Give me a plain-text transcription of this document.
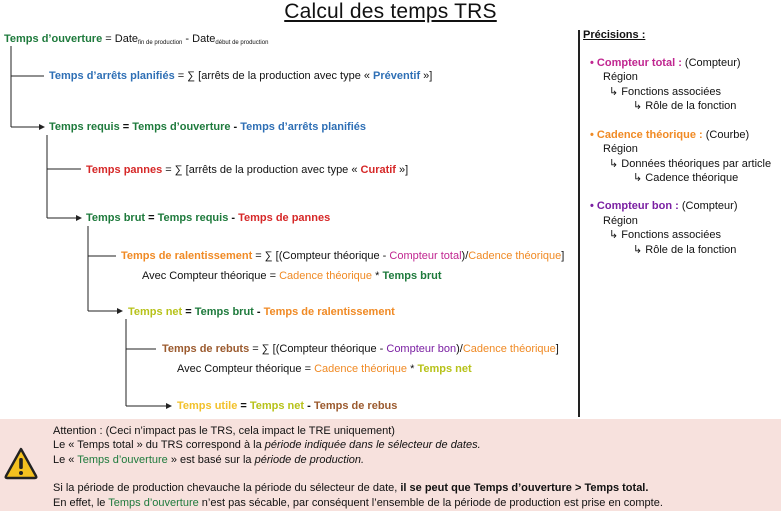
Calcul des temps TRS
Temps d’ouverture = Date$_{fin de production}$ - Date$_{début de production}$
Temps d’arrêts planifiés = ∑ [arrêts de la production avec type « Préventif »]
Temps requis = Temps d’ouverture - Temps d’arrêts planifiés
Temps pannes = ∑ [arrêts de la production avec type « Curatif »]
Temps brut = Temps requis - Temps de pannes
Temps de ralentissement = ∑ [(Compteur théorique - Compteur total)/Cadence théorique]
Avec Compteur théorique = Cadence théorique * Temps brut
Temps net = Temps brut - Temps de ralentissement
Temps de rebuts = ∑ [(Compteur théorique - Compteur bon)/Cadence théorique]
Avec Compteur théorique = Cadence théorique * Temps net
Temps utile = Temps net - Temps de rebus
Précisions :
• Compteur total : (Compteur)
Région
↳ Fonctions associées
↳ Rôle de la fonction
• Cadence théorique : (Courbe)
Région
↳ Données théoriques par article
↳ Cadence théorique
• Compteur bon : (Compteur)
Région
↳ Fonctions associées
↳ Rôle de la fonction
Attention : (Ceci n’impact pas le TRS, cela impact le TRE uniquement)
Le « Temps total » du TRS correspond à la période indiquée dans le sélecteur de dates.
Le « Temps d’ouverture » est basé sur la période de production.
Si la période de production chevauche la période du sélecteur de date, il se peut que Temps d’ouverture > Temps total.
En effet, le Temps d’ouverture n’est pas sécable, par conséquent l’ensemble de la période de production est prise en compte.
